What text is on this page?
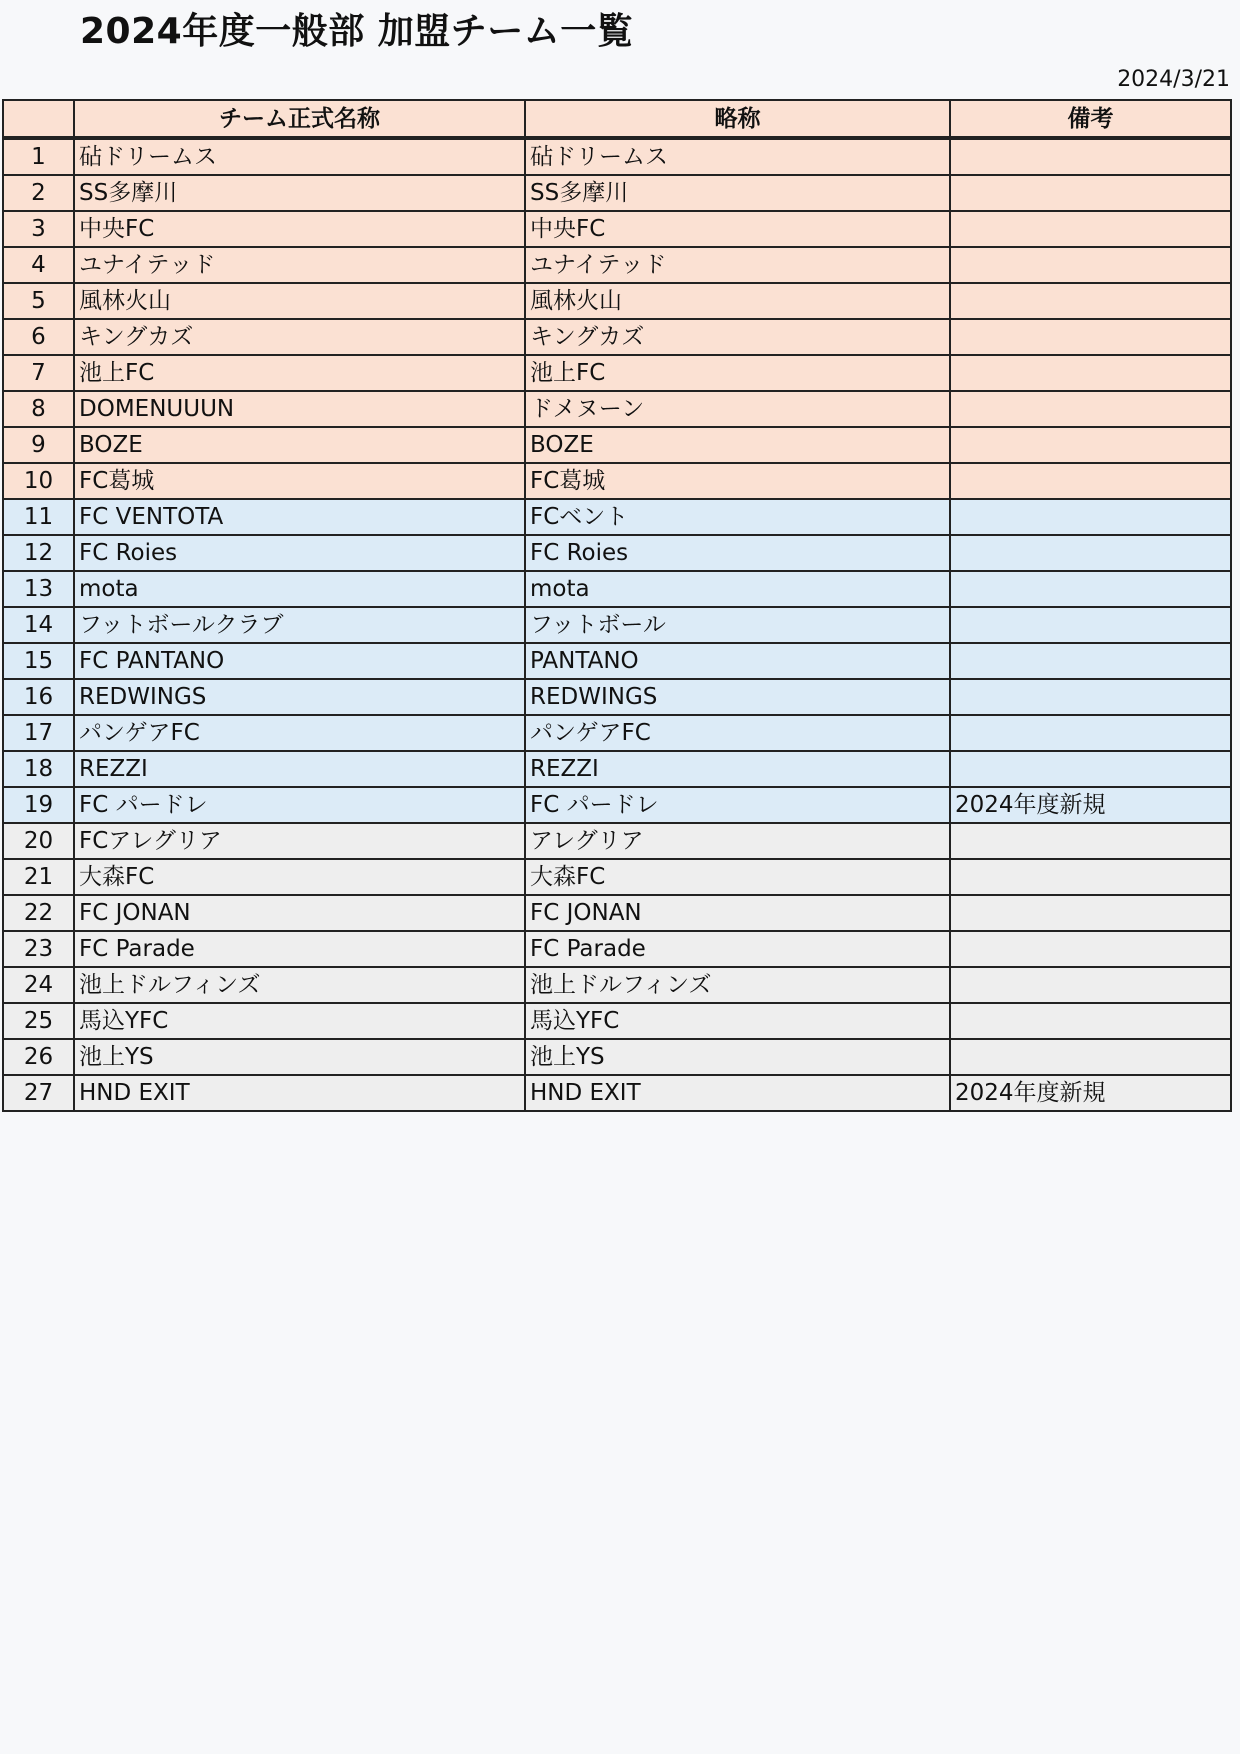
2024年度一般部 加盟チーム一覧
2024/3/21
	チーム正式名称	略称	備考
1	砧ドリームス	砧ドリームス	
2	SS多摩川	SS多摩川	
3	中央FC	中央FC	
4	ユナイテッド	ユナイテッド	
5	風林火山	風林火山	
6	キングカズ	キングカズ	
7	池上FC	池上FC	
8	DOMENUUUN	ドメヌーン	
9	BOZE	BOZE	
10	FC葛城	FC葛城	
11	FC VENTOTA	FCベント	
12	FC Roies	FC Roies	
13	mota	mota	
14	フットボールクラブ	フットボール	
15	FC PANTANO	PANTANO	
16	REDWINGS	REDWINGS	
17	パンゲアFC	パンゲアFC	
18	REZZI	REZZI	
19	FC パードレ	FC パードレ	2024年度新規
20	FCアレグリア	アレグリア	
21	大森FC	大森FC	
22	FC JONAN	FC JONAN	
23	FC Parade	FC Parade	
24	池上ドルフィンズ	池上ドルフィンズ	
25	馬込YFC	馬込YFC	
26	池上YS	池上YS	
27	HND EXIT	HND EXIT	2024年度新規
